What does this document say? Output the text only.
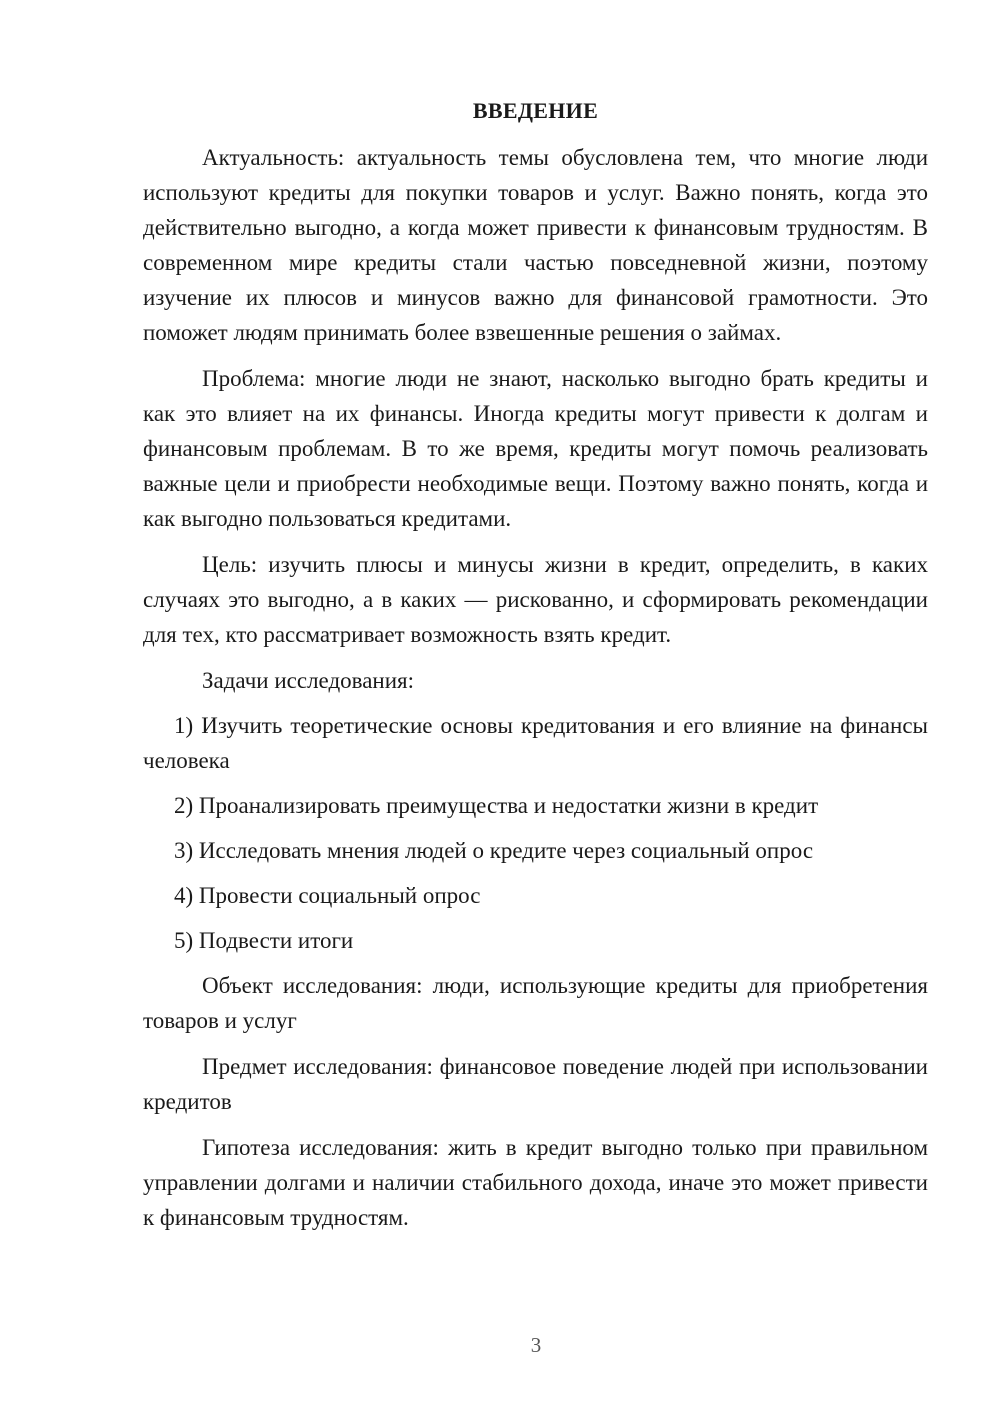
ВВЕДЕНИЕ

Актуальность: актуальность темы обусловлена тем, что многие люди используют кредиты для покупки товаров и услуг. Важно понять, когда это действительно выгодно, а когда может привести к финансовым трудностям. В современном мире кредиты стали частью повседневной жизни, поэтому изучение их плюсов и минусов важно для финансовой грамотности. Это поможет людям принимать более взвешенные решения о займах.

Проблема: многие люди не знают, насколько выгодно брать кредиты и как это влияет на их финансы. Иногда кредиты могут привести к долгам и финансовым проблемам. В то же время, кредиты могут помочь реализовать важные цели и приобрести необходимые вещи. Поэтому важно понять, когда и как выгодно пользоваться кредитами.

Цель: изучить плюсы и минусы жизни в кредит, определить, в каких случаях это выгодно, а в каких — рискованно, и сформировать рекомендации для тех, кто рассматривает возможность взять кредит.

Задачи исследования:

1) Изучить теоретические основы кредитования и его влияние на финансы человека

2) Проанализировать преимущества и недостатки жизни в кредит

3) Исследовать мнения людей о кредите через социальный опрос

4) Провести социальный опрос

5) Подвести итоги

Объект исследования: люди, использующие кредиты для приобретения товаров и услуг

Предмет исследования: финансовое поведение людей при использовании кредитов

Гипотеза исследования: жить в кредит выгодно только при правильном управлении долгами и наличии стабильного дохода, иначе это может привести к финансовым трудностям.

3
